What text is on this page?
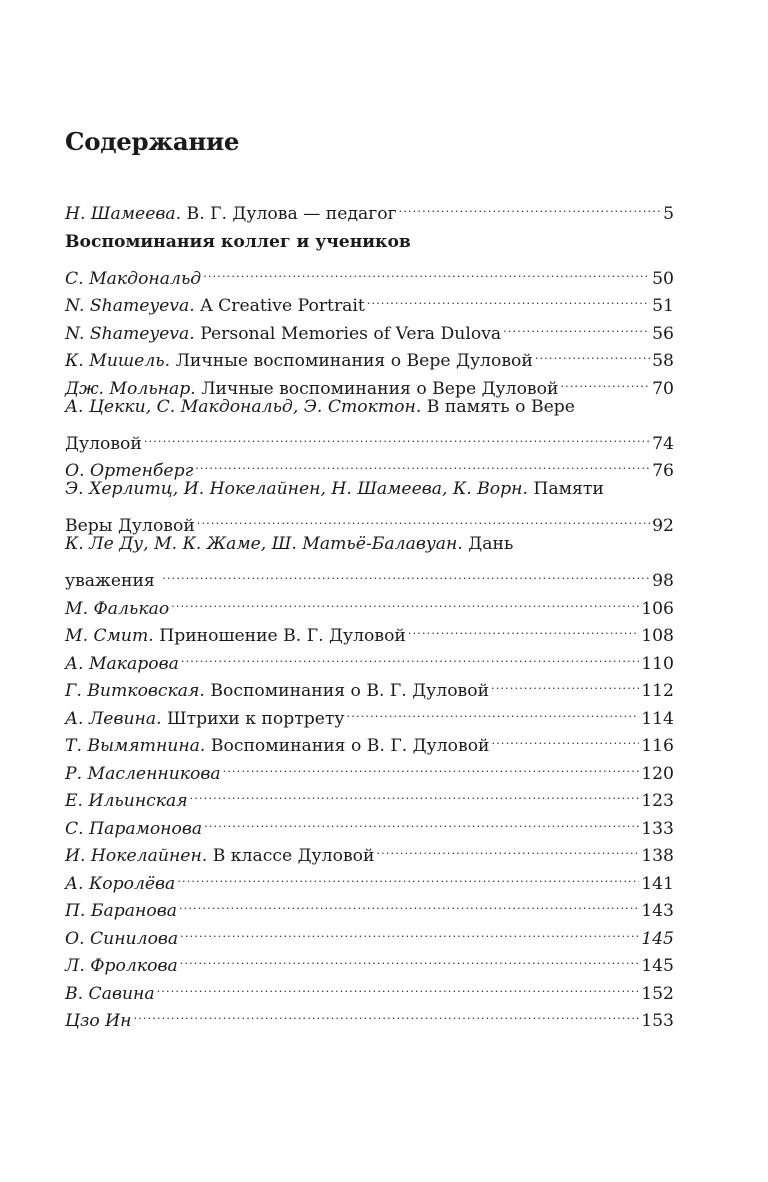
Содержание
Н. Шамеева. В. Г. Дулова — педагог .....	5
Воспоминания коллег и учеников
С. Макдональд .....	50
N. Shameyeva. A Creative Portrait .....	51
N. Shameyeva. Personal Memories of Vera Dulova .....	56
К. Мишель. Личные воспоминания о Вере Дуловой .....	58
Дж. Мольнар. Личные воспоминания о Вере Дуловой .....	70
А. Цекки, С. Макдональд, Э. Стоктон. В память о Вере
Дуловой .....	74
О. Ортенберг .....	76
Э. Херлитц, И. Нокелайнен, Н. Шамеева, К. Ворн. Памяти
Веры Дуловой .....	92
К. Ле Ду, М. К. Жаме, Ш. Матьё-Балавуан. Дань
уважения .....	98
М. Фалькао .....	106
М. Смит. Приношение В. Г. Дуловой .....	108
А. Макарова .....	110
Г. Витковская. Воспоминания о В. Г. Дуловой .....	112
А. Левина. Штрихи к портрету .....	114
Т. Вымятнина. Воспоминания о В. Г. Дуловой .....	116
Р. Масленникова .....	120
Е. Ильинская .....	123
С. Парамонова .....	133
И. Нокелайнен. В классе Дуловой .....	138
А. Королёва .....	141
П. Баранова .....	143
О. Синилова .....	145
Л. Фролкова .....	145
В. Савина .....	152
Цзо Ин .....	153
